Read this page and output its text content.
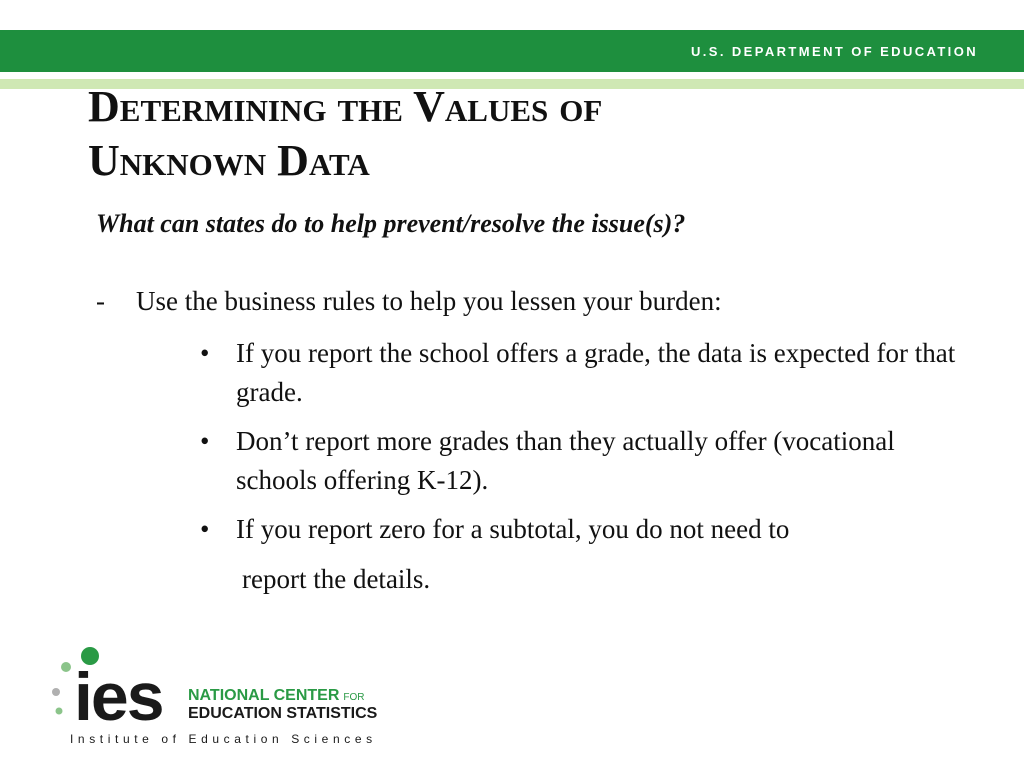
U.S. DEPARTMENT OF EDUCATION
Determining the Values of
Unknown Data

What can states do to help prevent/resolve the issue(s)?

- Use the business rules to help you lessen your burden:
• If you report the school offers a grade, the data is expected for that grade.
• Don’t report more grades than they actually offer (vocational schools offering K-12).
• If you report zero for a subtotal, you do not need to
report the details.
ies NATIONAL CENTER FOR
EDUCATION STATISTICS
Institute of Education Sciences
